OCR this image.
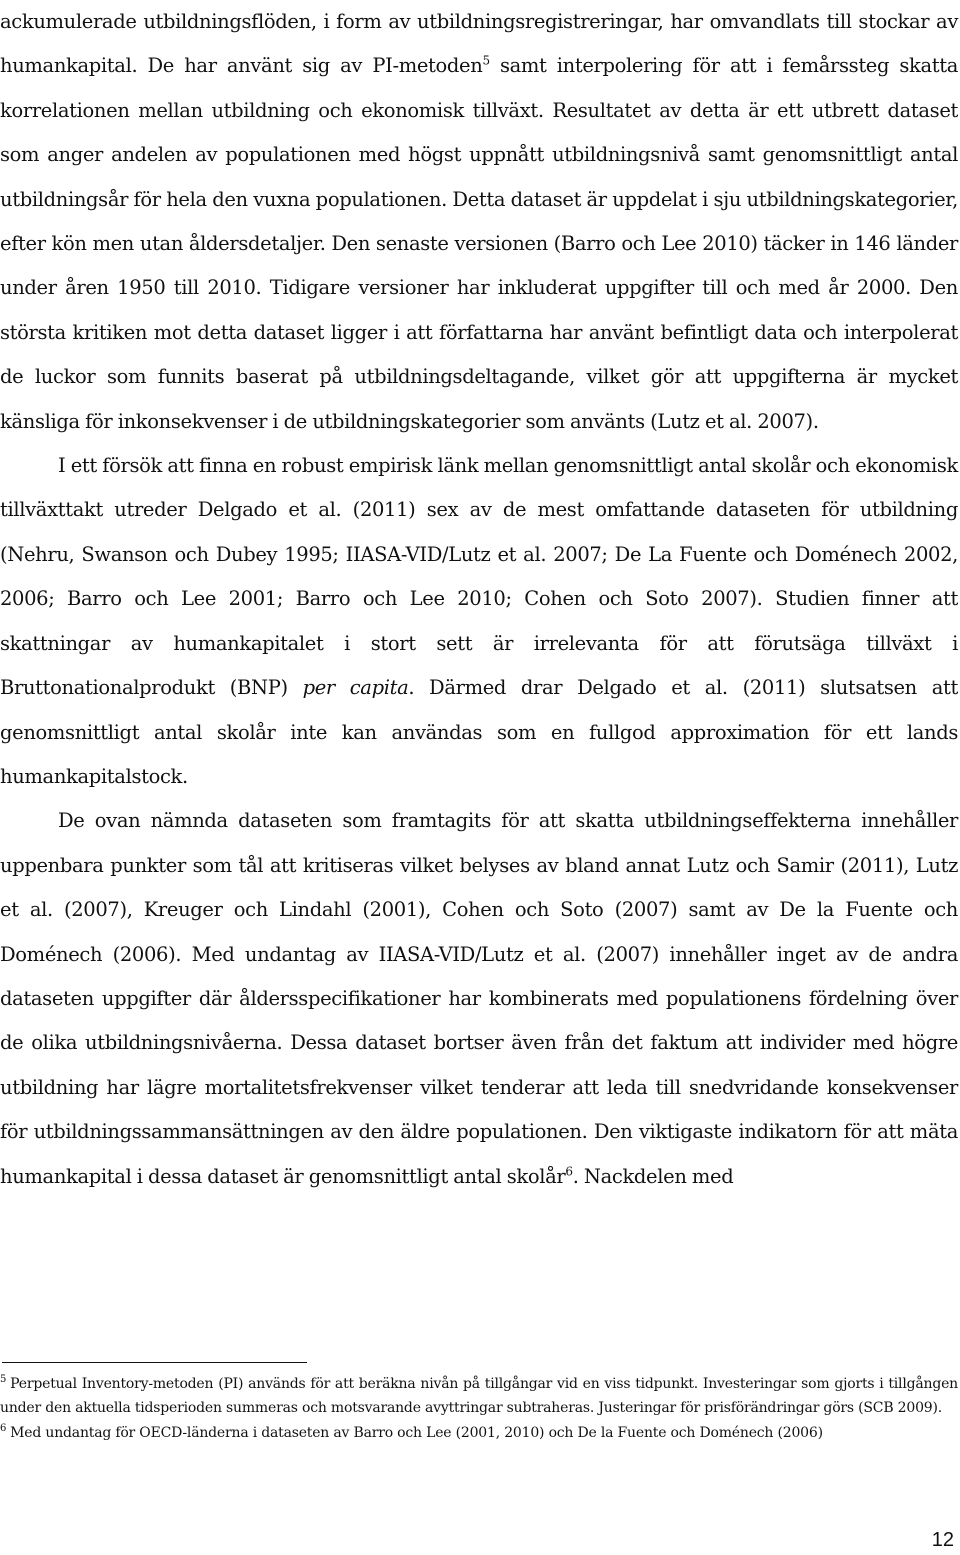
ackumulerade utbildningsflöden, i form av utbildningsregistreringar, har omvandlats till stockar av humankapital. De har använt sig av PI-metoden$^5$ samt interpolering för att i femårssteg skatta korrelationen mellan utbildning och ekonomisk tillväxt. Resultatet av detta är ett utbrett dataset som anger andelen av populationen med högst uppnått utbildningsnivå samt genomsnittligt antal utbildningsår för hela den vuxna populationen. Detta dataset är uppdelat i sju utbildningskategorier, efter kön men utan åldersdetaljer. Den senaste versionen (Barro och Lee 2010) täcker in 146 länder under åren 1950 till 2010. Tidigare versioner har inkluderat uppgifter till och med år 2000. Den största kritiken mot detta dataset ligger i att författarna har använt befintligt data och interpolerat de luckor som funnits baserat på utbildningsdeltagande, vilket gör att uppgifterna är mycket känsliga för inkonsekvenser i de utbildningskategorier som använts (Lutz et al. 2007).

I ett försök att finna en robust empirisk länk mellan genomsnittligt antal skolår och ekonomisk tillväxttakt utreder Delgado et al. (2011) sex av de mest omfattande dataseten för utbildning (Nehru, Swanson och Dubey 1995; IIASA-VID/Lutz et al. 2007; De La Fuente och Doménech 2002, 2006; Barro och Lee 2001; Barro och Lee 2010; Cohen och Soto 2007). Studien finner att skattningar av humankapitalet i stort sett är irrelevanta för att förutsäga tillväxt i Bruttonationalprodukt (BNP) per capita. Därmed drar Delgado et al. (2011) slutsatsen att genomsnittligt antal skolår inte kan användas som en fullgod approximation för ett lands humankapitalstock.

De ovan nämnda dataseten som framtagits för att skatta utbildningseffekterna innehåller uppenbara punkter som tål att kritiseras vilket belyses av bland annat Lutz och Samir (2011), Lutz et al. (2007), Kreuger och Lindahl (2001), Cohen och Soto (2007) samt av De la Fuente och Doménech (2006). Med undantag av IIASA-VID/Lutz et al. (2007) innehåller inget av de andra dataseten uppgifter där åldersspecifikationer har kombinerats med populationens fördelning över de olika utbildningsnivåerna. Dessa dataset bortser även från det faktum att individer med högre utbildning har lägre mortalitetsfrekvenser vilket tenderar att leda till snedvridande konsekvenser för utbildningssammansättningen av den äldre populationen. Den viktigaste indikatorn för att mäta humankapital i dessa dataset är genomsnittligt antal skolår$^6$. Nackdelen med

$^5$ Perpetual Inventory-metoden (PI) används för att beräkna nivån på tillgångar vid en viss tidpunkt. Investeringar som gjorts i tillgången under den aktuella tidsperioden summeras och motsvarande avyttringar subtraheras. Justeringar för prisförändringar görs (SCB 2009).

$^6$ Med undantag för OECD-länderna i dataseten av Barro och Lee (2001, 2010) och De la Fuente och Doménech (2006)

12
